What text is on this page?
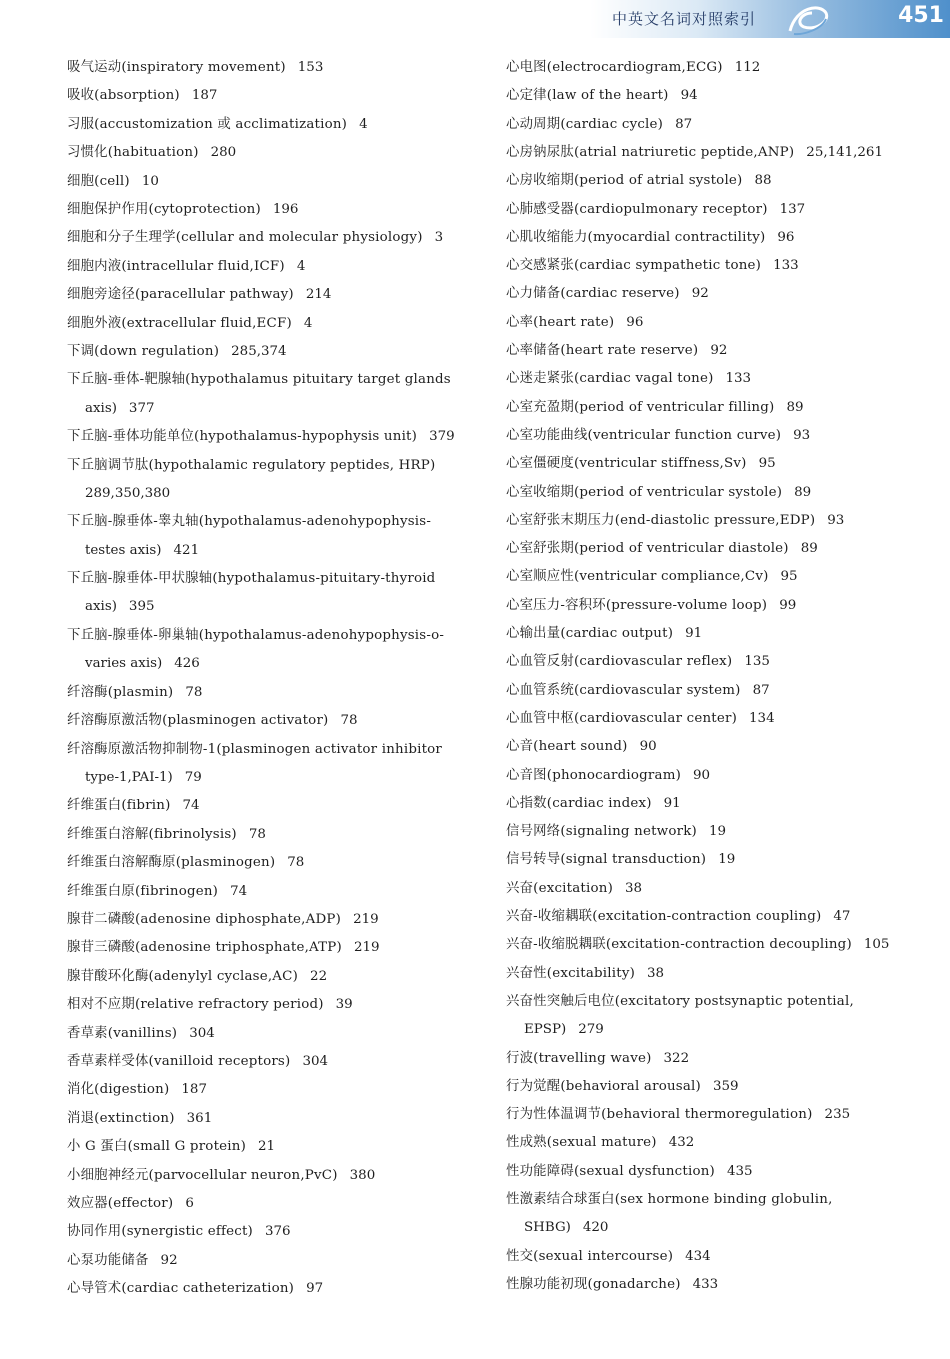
中英文名词对照索引	451
吸气运动(inspiratory movement) 153
吸收(absorption) 187
习服(accustomization 或 acclimatization) 4
习惯化(habituation) 280
细胞(cell) 10
细胞保护作用(cytoprotection) 196
细胞和分子生理学(cellular and molecular physiology) 3
细胞内液(intracellular fluid,ICF) 4
细胞旁途径(paracellular pathway) 214
细胞外液(extracellular fluid,ECF) 4
下调(down regulation) 285,374
下丘脑-垂体-靶腺轴(hypothalamus pituitary target glands
axis) 377
下丘脑-垂体功能单位(hypothalamus-hypophysis unit) 379
下丘脑调节肽(hypothalamic regulatory peptides, HRP)
289,350,380
下丘脑-腺垂体-睾丸轴(hypothalamus-adenohypophysis-
testes axis) 421
下丘脑-腺垂体-甲状腺轴(hypothalamus-pituitary-thyroid
axis) 395
下丘脑-腺垂体-卵巢轴(hypothalamus-adenohypophysis-o-
varies axis) 426
纤溶酶(plasmin) 78
纤溶酶原激活物(plasminogen activator) 78
纤溶酶原激活物抑制物-1(plasminogen activator inhibitor
type-1,PAI-1) 79
纤维蛋白(fibrin) 74
纤维蛋白溶解(fibrinolysis) 78
纤维蛋白溶解酶原(plasminogen) 78
纤维蛋白原(fibrinogen) 74
腺苷二磷酸(adenosine diphosphate,ADP) 219
腺苷三磷酸(adenosine triphosphate,ATP) 219
腺苷酸环化酶(adenylyl cyclase,AC) 22
相对不应期(relative refractory period) 39
香草素(vanillins) 304
香草素样受体(vanilloid receptors) 304
消化(digestion) 187
消退(extinction) 361
小 G 蛋白(small G protein) 21
小细胞神经元(parvocellular neuron,PvC) 380
效应器(effector) 6
协同作用(synergistic effect) 376
心泵功能储备 92
心导管术(cardiac catheterization) 97
心电图(electrocardiogram,ECG) 112
心定律(law of the heart) 94
心动周期(cardiac cycle) 87
心房钠尿肽(atrial natriuretic peptide,ANP) 25,141,261
心房收缩期(period of atrial systole) 88
心肺感受器(cardiopulmonary receptor) 137
心肌收缩能力(myocardial contractility) 96
心交感紧张(cardiac sympathetic tone) 133
心力储备(cardiac reserve) 92
心率(heart rate) 96
心率储备(heart rate reserve) 92
心迷走紧张(cardiac vagal tone) 133
心室充盈期(period of ventricular filling) 89
心室功能曲线(ventricular function curve) 93
心室僵硬度(ventricular stiffness,Sv) 95
心室收缩期(period of ventricular systole) 89
心室舒张末期压力(end-diastolic pressure,EDP) 93
心室舒张期(period of ventricular diastole) 89
心室顺应性(ventricular compliance,Cv) 95
心室压力-容积环(pressure-volume loop) 99
心输出量(cardiac output) 91
心血管反射(cardiovascular reflex) 135
心血管系统(cardiovascular system) 87
心血管中枢(cardiovascular center) 134
心音(heart sound) 90
心音图(phonocardiogram) 90
心指数(cardiac index) 91
信号网络(signaling network) 19
信号转导(signal transduction) 19
兴奋(excitation) 38
兴奋-收缩耦联(excitation-contraction coupling) 47
兴奋-收缩脱耦联(excitation-contraction decoupling) 105
兴奋性(excitability) 38
兴奋性突触后电位(excitatory postsynaptic potential,
EPSP) 279
行波(travelling wave) 322
行为觉醒(behavioral arousal) 359
行为性体温调节(behavioral thermoregulation) 235
性成熟(sexual mature) 432
性功能障碍(sexual dysfunction) 435
性激素结合球蛋白(sex hormone binding globulin,
SHBG) 420
性交(sexual intercourse) 434
性腺功能初现(gonadarche) 433
